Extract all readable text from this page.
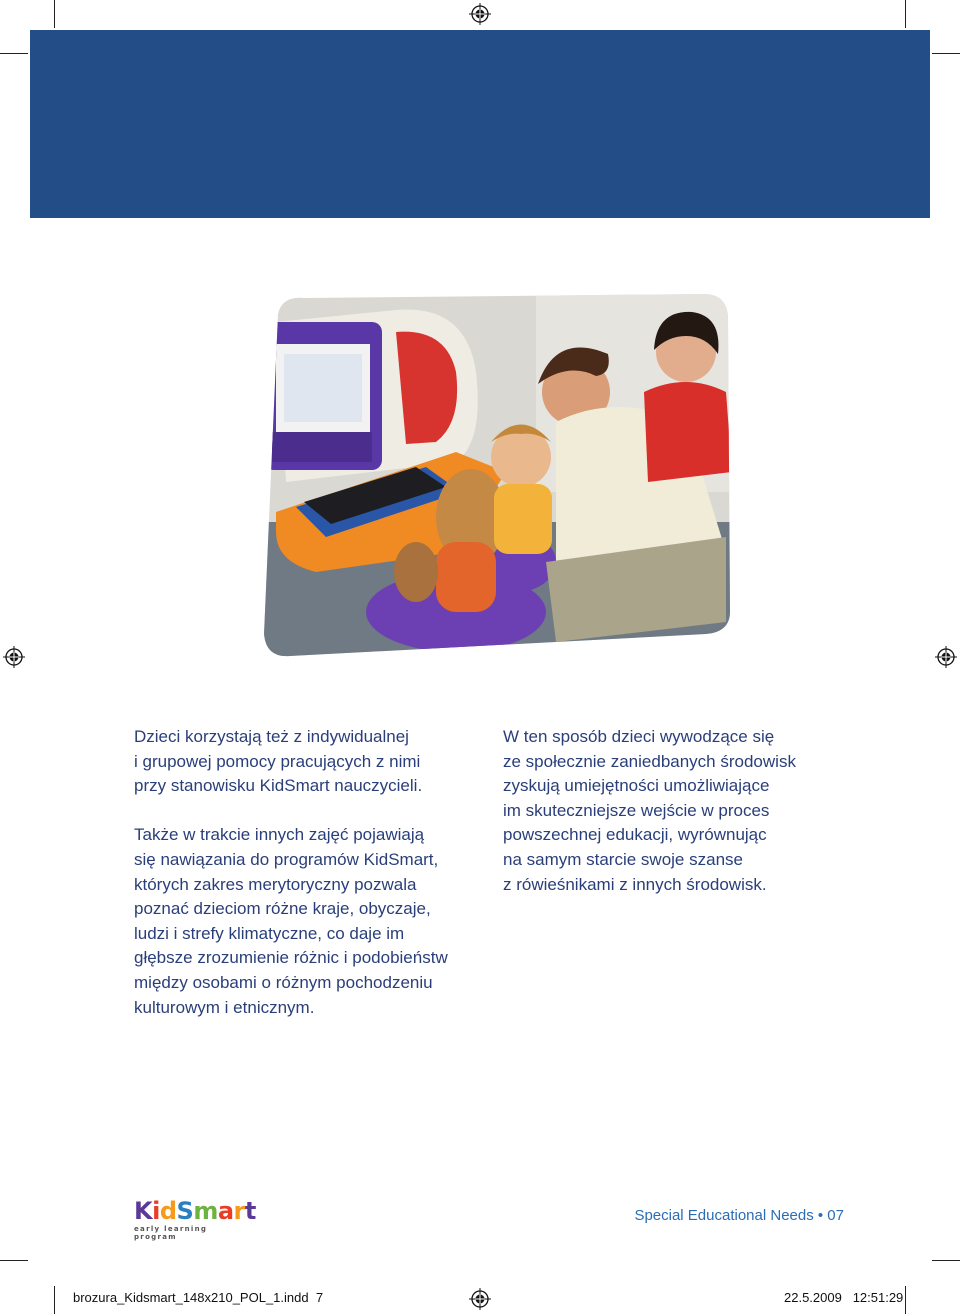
Dzieci korzystają też z indywidualnej
i grupowej pomocy pracujących z nimi
przy stanowisku KidSmart nauczycieli.

Także w trakcie innych zajęć pojawiają
się nawiązania do programów KidSmart,
których zakres merytoryczny pozwala
poznać dzieciom różne kraje, obyczaje,
ludzi i strefy klimatyczne, co daje im
głębsze zrozumienie różnic i podobieństw
między osobami o różnym pochodzeniu
kulturowym i etnicznym.

W ten sposób dzieci wywodzące się
ze społecznie zaniedbanych środowisk
zyskują umiejętności umożliwiające
im skuteczniejsze wejście w proces
powszechnej edukacji, wyrównując
na samym starcie swoje szanse
z rówieśnikami z innych środowisk.

KidSmart
early learning program
Special Educational Needs • 07
brozura_Kidsmart_148x210_POL_1.indd 7	22.5.2009 12:51:29
